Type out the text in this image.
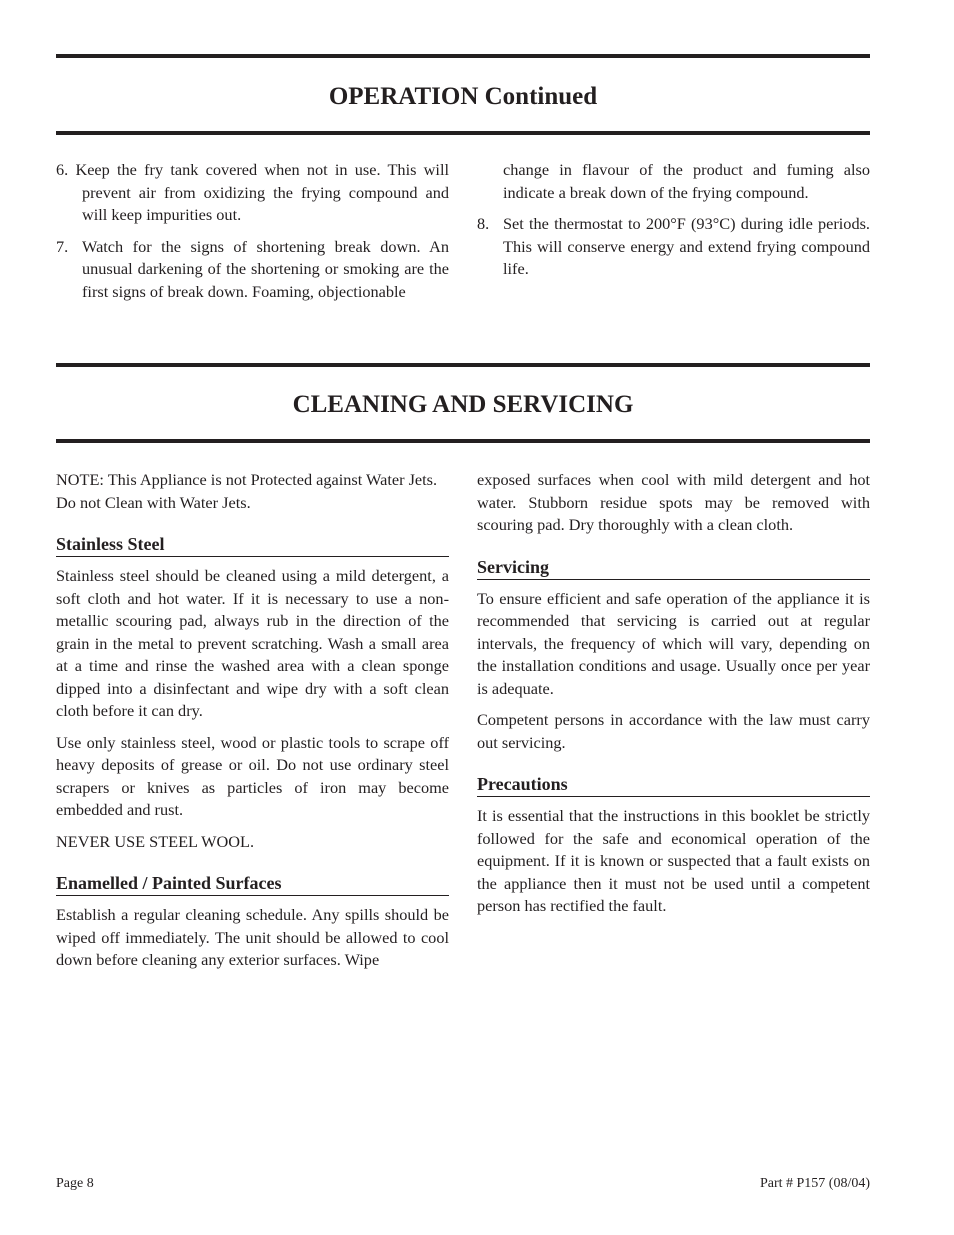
OPERATION Continued

6. Keep the fry tank covered when not in use. This will prevent air from oxidizing the frying compound and will keep impurities out.

7. Watch for the signs of shortening break down. An unusual darkening of the shortening or smoking are the first signs of break down. Foaming, objectionable

change in flavour of the product and fuming also indicate a break down of the frying compound.

8. Set the thermostat to 200°F (93°C) during idle periods. This will conserve energy and extend frying compound life.
CLEANING AND SERVICING

NOTE: This Appliance is not Protected against Water Jets. Do not Clean with Water Jets.

Stainless Steel

Stainless steel should be cleaned using a mild detergent, a soft cloth and hot water. If it is necessary to use a non-metallic scouring pad, always rub in the direction of the grain in the metal to prevent scratching. Wash a small area at a time and rinse the washed area with a clean sponge dipped into a disinfectant and wipe dry with a soft clean cloth before it can dry.

Use only stainless steel, wood or plastic tools to scrape off heavy deposits of grease or oil. Do not use ordinary steel scrapers or knives as particles of iron may become embedded and rust.

NEVER USE STEEL WOOL.

Enamelled / Painted Surfaces

Establish a regular cleaning schedule. Any spills should be wiped off immediately. The unit should be allowed to cool down before cleaning any exterior surfaces. Wipe

exposed surfaces when cool with mild detergent and hot water. Stubborn residue spots may be removed with scouring pad. Dry thoroughly with a clean cloth.

Servicing

To ensure efficient and safe operation of the appliance it is recommended that servicing is carried out at regular intervals, the frequency of which will vary, depending on the installation conditions and usage. Usually once per year is adequate.

Competent persons in accordance with the law must carry out servicing.

Precautions

It is essential that the instructions in this booklet be strictly followed for the safe and economical operation of the equipment. If it is known or suspected that a fault exists on the appliance then it must not be used until a competent person has rectified the fault.

Page 8	Part # P157 (08/04)
